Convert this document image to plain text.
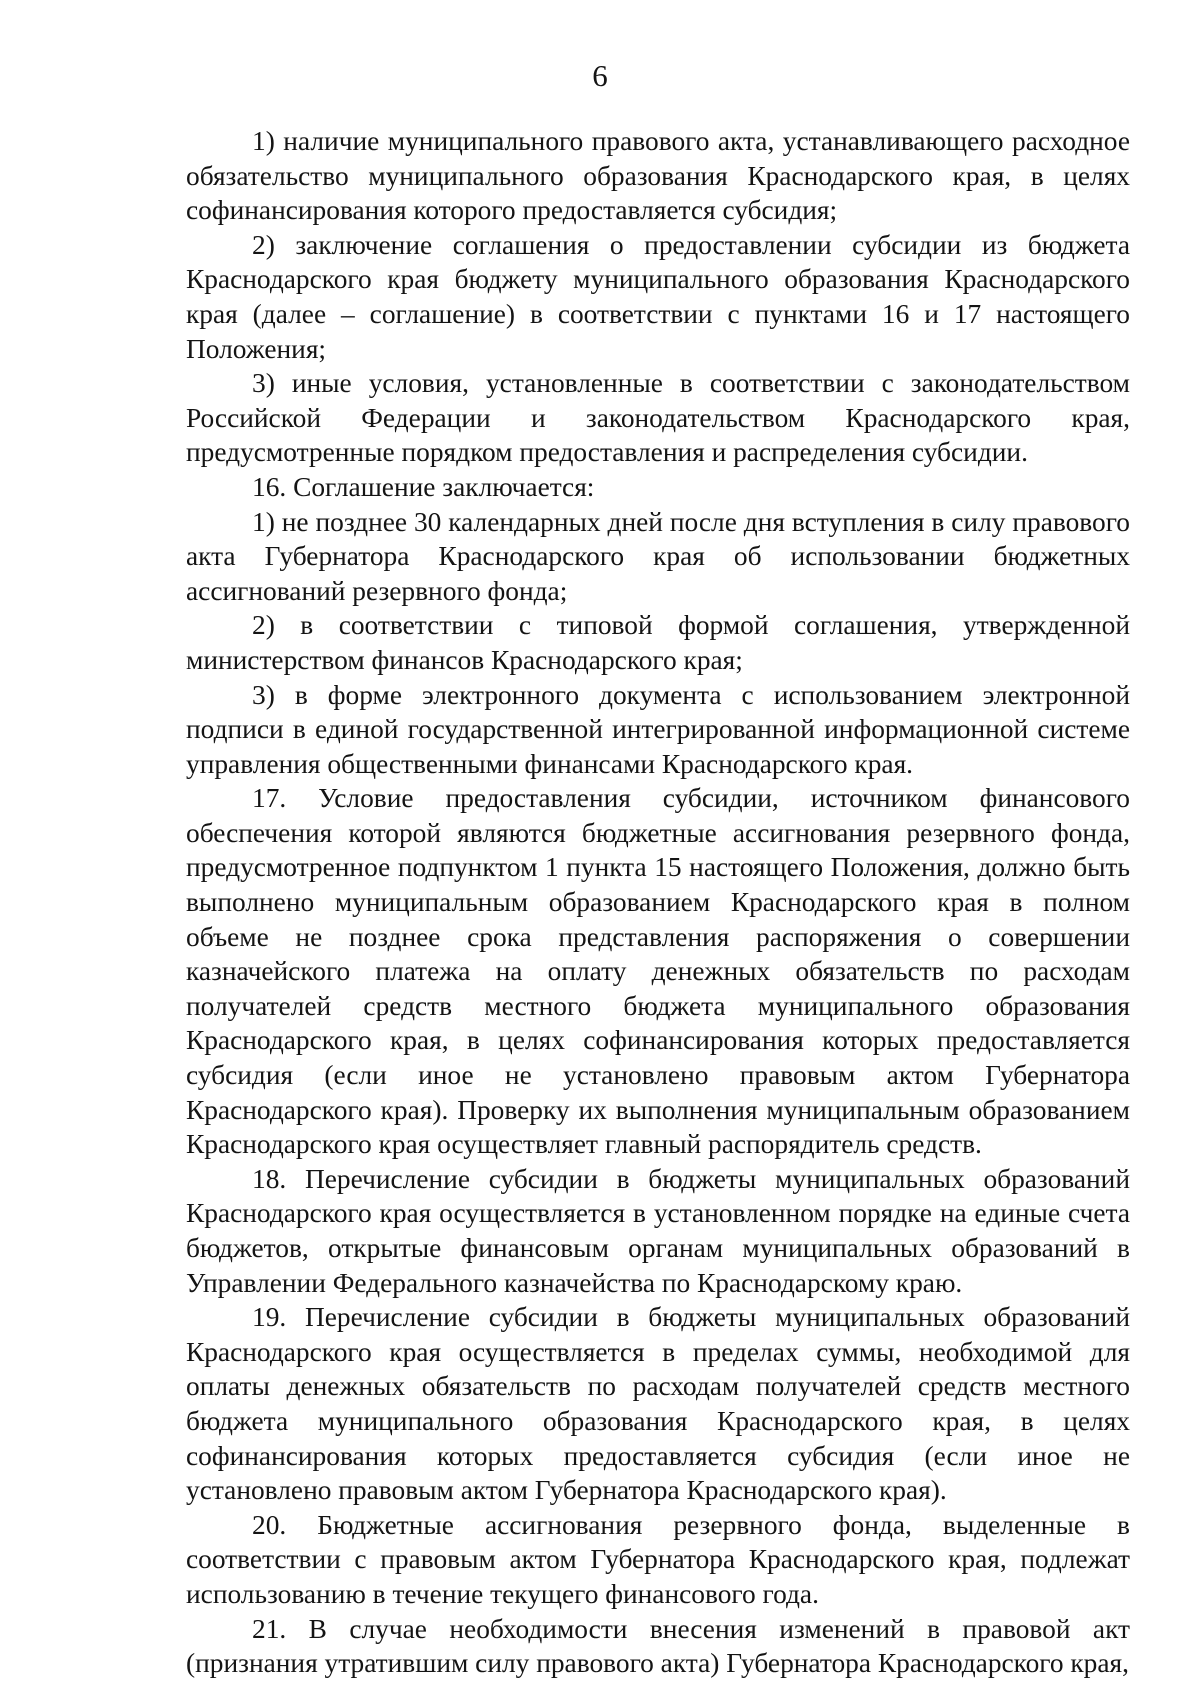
6

1) наличие муниципального правового акта, устанавливающего расходное обязательство муниципального образования Краснодарского края, в целях софинансирования которого предоставляется субсидия;

2) заключение соглашения о предоставлении субсидии из бюджета Краснодарского края бюджету муниципального образования Краснодарского края (далее – соглашение) в соответствии с пунктами 16 и 17 настоящего Положения;

3) иные условия, установленные в соответствии с законодательством Российской Федерации и законодательством Краснодарского края, предусмотренные порядком предоставления и распределения субсидии.

16. Соглашение заключается:

1) не позднее 30 календарных дней после дня вступления в силу правового акта Губернатора Краснодарского края об использовании бюджетных ассигнований резервного фонда;

2) в соответствии с типовой формой соглашения, утвержденной министерством финансов Краснодарского края;

3) в форме электронного документа с использованием электронной подписи в единой государственной интегрированной информационной системе управления общественными финансами Краснодарского края.

17. Условие предоставления субсидии, источником финансового обеспечения которой являются бюджетные ассигнования резервного фонда, предусмотренное подпунктом 1 пункта 15 настоящего Положения, должно быть выполнено муниципальным образованием Краснодарского края в полном объеме не позднее срока представления распоряжения о совершении казначейского платежа на оплату денежных обязательств по расходам получателей средств местного бюджета муниципального образования Краснодарского края, в целях софинансирования которых предоставляется субсидия (если иное не установлено правовым актом Губернатора Краснодарского края). Проверку их выполнения муниципальным образованием Краснодарского края осуществляет главный распорядитель средств.

18. Перечисление субсидии в бюджеты муниципальных образований Краснодарского края осуществляется в установленном порядке на единые счета бюджетов, открытые финансовым органам муниципальных образований в Управлении Федерального казначейства по Краснодарскому краю.

19. Перечисление субсидии в бюджеты муниципальных образований Краснодарского края осуществляется в пределах суммы, необходимой для оплаты денежных обязательств по расходам получателей средств местного бюджета муниципального образования Краснодарского края, в целях софинансирования которых предоставляется субсидия (если иное не установлено правовым актом Губернатора Краснодарского края).

20. Бюджетные ассигнования резервного фонда, выделенные в соответствии с правовым актом Губернатора Краснодарского края, подлежат использованию в течение текущего финансового года.

21. В случае необходимости внесения изменений в правовой акт (признания утратившим силу правового акта) Губернатора Краснодарского края,
